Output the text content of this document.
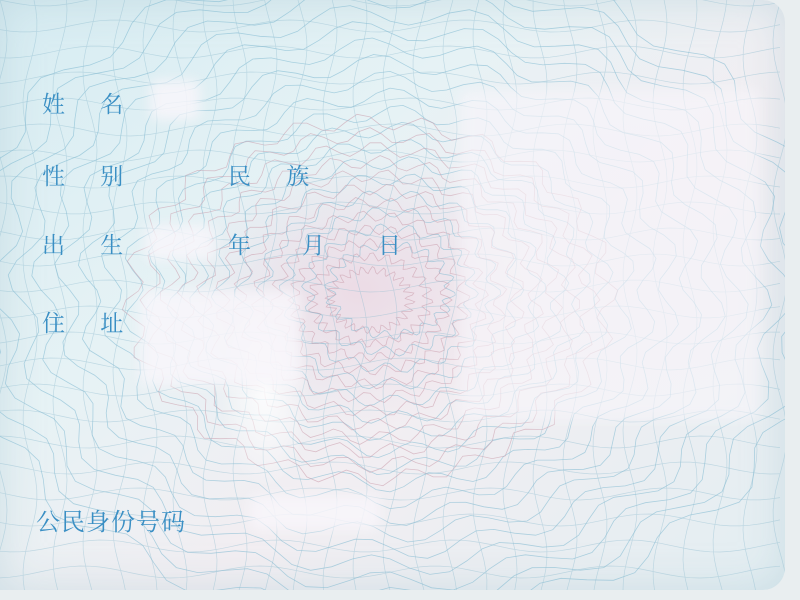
姓 名
性 别	民 族
出 生	年 月 日
住 址
公民身份号码
